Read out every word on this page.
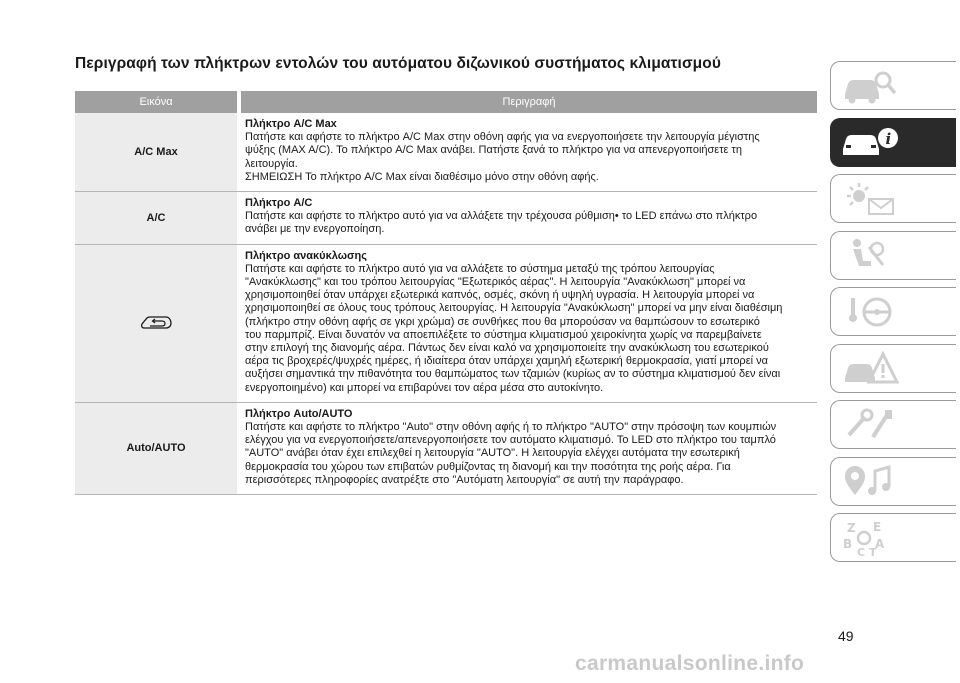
Περιγραφή των πλήκτρων εντολών του αυτόματου διζωνικού συστήματος κλιματισμού
Εικόνα	Περιγραφή
A/C Max
Πλήκτρο A/C Max
Πατήστε και αφήστε το πλήκτρο A/C Max στην οθόνη αφής για να ενεργοποιήσετε την λειτουργία μέγιστης
ψύξης (MAX A/C). Το πλήκτρο A/C Max ανάβει. Πατήστε ξανά το πλήκτρο για να απενεργοποιήσετε τη
λειτουργία.
ΣΗΜΕΙΩΣΗ Το πλήκτρο A/C Max είναι διαθέσιμο μόνο στην οθόνη αφής.
A/C
Πλήκτρο A/C
Πατήστε και αφήστε το πλήκτρο αυτό για να αλλάξετε την τρέχουσα ρύθμιση• το LED επάνω στο πλήκτρο
ανάβει με την ενεργοποίηση.
Πλήκτρο ανακύκλωσης
Πατήστε και αφήστε το πλήκτρο αυτό για να αλλάξετε το σύστημα μεταξύ της τρόπου λειτουργίας
"Ανακύκλωσης" και του τρόπου λειτουργίας "Εξωτερικός αέρας". Η λειτουργία "Ανακύκλωση" μπορεί να
χρησιμοποιηθεί όταν υπάρχει εξωτερικά καπνός, οσμές, σκόνη ή υψηλή υγρασία. Η λειτουργία μπορεί να
χρησιμοποιηθεί σε όλους τους τρόπους λειτουργίας. Η λειτουργία "Ανακύκλωση" μπορεί να μην είναι διαθέσιμη
(πλήκτρο στην οθόνη αφής σε γκρι χρώμα) σε συνθήκες που θα μπορούσαν να θαμπώσουν το εσωτερικό
του παρμπρίζ. Είναι δυνατόν να αποεπιλέξετε το σύστημα κλιματισμού χειροκίνητα χωρίς να παρεμβαίνετε
στην επιλογή της διανομής αέρα. Πάντως δεν είναι καλό να χρησιμοποιείτε την ανακύκλωση του εσωτερικού
αέρα τις βροχερές/ψυχρές ημέρες, ή ιδιαίτερα όταν υπάρχει χαμηλή εξωτερική θερμοκρασία, γιατί μπορεί να
αυξήσει σημαντικά την πιθανότητα του θαμπώματος των τζαμιών (κυρίως αν το σύστημα κλιματισμού δεν είναι
ενεργοποιημένο) και μπορεί να επιβαρύνει τον αέρα μέσα στο αυτοκίνητο.
Auto/AUTO
Πλήκτρο Auto/AUTO
Πατήστε και αφήστε το πλήκτρο "Auto" στην οθόνη αφής ή το πλήκτρο "AUTO" στην πρόσοψη των κουμπιών
ελέγχου για να ενεργοποιήσετε/απενεργοποιήσετε τον αυτόματο κλιματισμό. Το LED στο πλήκτρο του ταμπλό
"AUTO" ανάβει όταν έχει επιλεχθεί η λειτουργία "AUTO". Η λειτουργία ελέγχει αυτόματα την εσωτερική
θερμοκρασία του χώρου των επιβατών ρυθμίζοντας τη διανομή και την ποσότητα της ροής αέρα. Για
περισσότερες πληροφορίες ανατρέξτε στο "Αυτόματη λειτουργία" σε αυτή την παράγραφο.
i
Z E
B A
C T
49
carmanualsonline.info
